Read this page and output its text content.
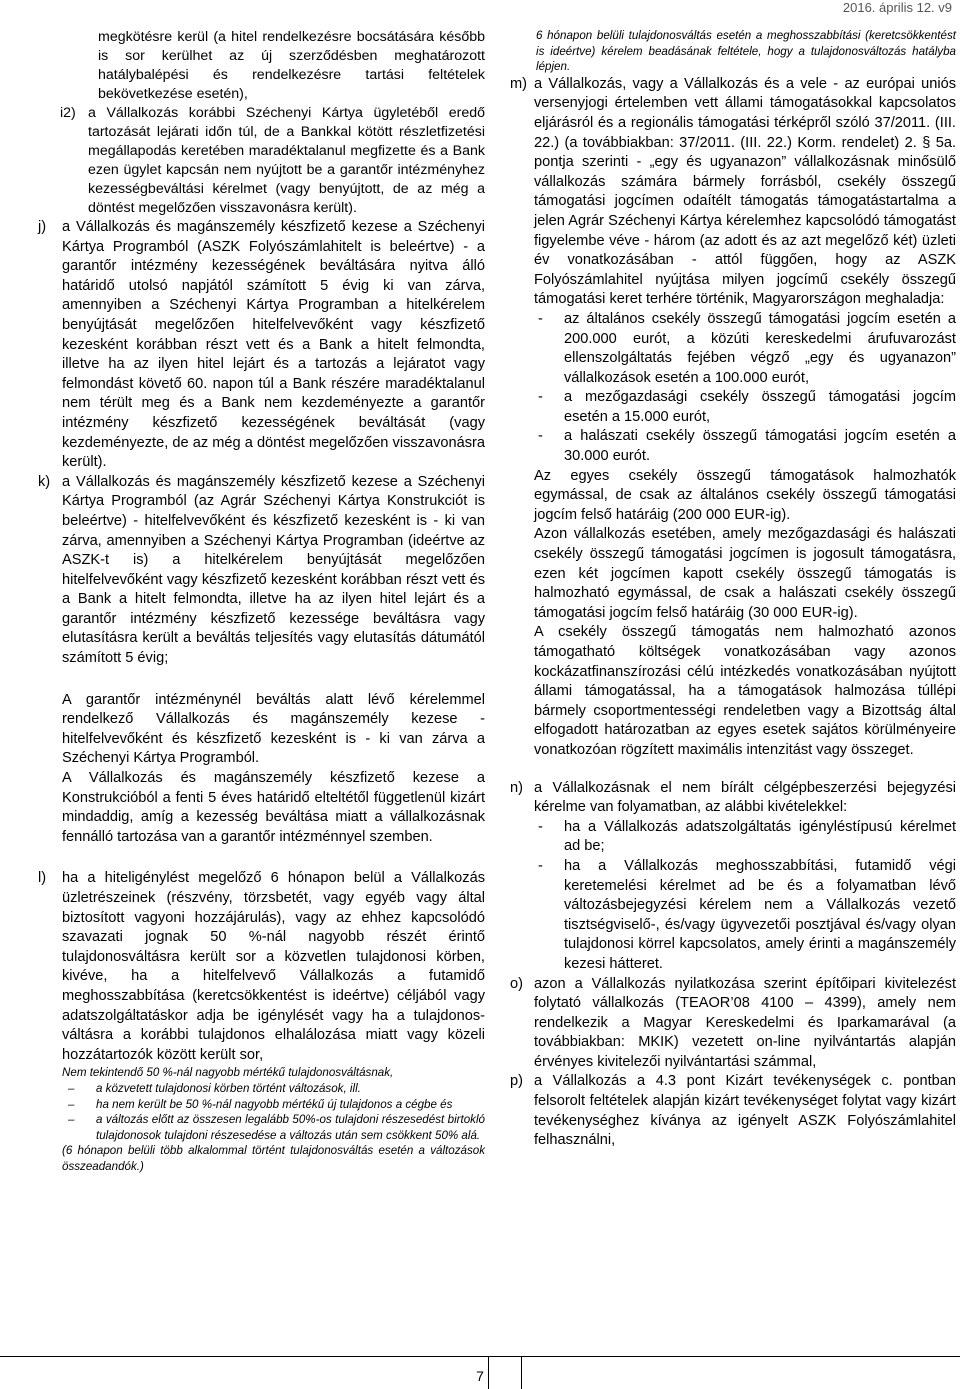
2016. április 12. v9
megkötésre kerül (a hitel rendelkezésre bocsátására később is sor kerülhet az új szerződésben meghatározott hatálybalépési és rendelkezésre tartási feltételek bekövetkezése esetén),
i2) a Vállalkozás korábbi Széchenyi Kártya ügyletéből eredő tartozását lejárati időn túl, de a Bankkal kötött részletfizetési megállapodás keretében maradéktalanul megfizette és a Bank ezen ügylet kapcsán nem nyújtott be a garantőr intézményhez kezességbeváltási kérelmet (vagy benyújtott, de az még a döntést megelőzően visszavonásra került).
j)	a Vállalkozás és magánszemély készfizető kezese a Széchenyi Kártya Programból (ASZK Folyószámlahitelt is beleértve) - a garantőr intézmény kezességének beváltására nyitva álló határidő utolsó napjától számított 5 évig ki van zárva, amennyiben a Széchenyi Kártya Programban a hitelkérelem benyújtását megelőzően hitelfelvevőként vagy készfizető kezesként korábban részt vett és a Bank a hitelt felmondta, illetve ha az ilyen hitel lejárt és a tartozás a lejáratot vagy felmondást követő 60. napon túl a Bank részére maradéktalanul nem térült meg és a Bank nem kezdeményezte a garantőr intézmény készfizető kezességének beváltását (vagy kezdeményezte, de az még a döntést megelőzően visszavonásra került).
k) a Vállalkozás és magánszemély készfizető kezese a Széchenyi Kártya Programból (az Agrár Széchenyi Kártya Konstrukciót is beleértve) - hitelfelvevőként és készfizető kezesként is - ki van zárva, amennyiben a Széchenyi Kártya Programban (ideértve az ASZK-t is) a hitelkérelem benyújtását megelőzően hitelfelvevőként vagy készfizető kezesként korábban részt vett és a Bank a hitelt felmondta, illetve ha az ilyen hitel lejárt és a garantőr intézmény készfizető kezessége beváltásra vagy elutasításra került a beváltás teljesítés vagy elutasítás dátumától számított 5 évig;
A garantőr intézménynél beváltás alatt lévő kérelemmel rendelkező Vállalkozás és magánszemély kezese - hitelfelvevőként és készfizető kezesként is - ki van zárva a Széchenyi Kártya Programból.
A Vállalkozás és magánszemély készfizető kezese a Konstrukcióból a fenti 5 éves határidő elteltétől függetlenül kizárt mindaddig, amíg a kezesség beváltása miatt a vállalkozásnak fennálló tartozása van a garantőr intézménnyel szemben.
l)	ha a hiteligénylést megelőző 6 hónapon belül a Vállalkozás üzletrészeinek (részvény, törzsbetét, vagy egyéb vagy által biztosított vagyoni hozzájárulás), vagy az ehhez kapcsolódó szavazati jognak 50 %-nál nagyobb részét érintő tulajdonosváltásra került sor a közvetlen tulajdonosi körben, kivéve, ha a hitelfelvevő Vállalkozás a futamidő meghosszabbítása (keretcsökkentést is ideértve) céljából vagy adatszolgáltatáskor adja be igénylését vagy ha a tulajdonos-váltásra a korábbi tulajdonos elhalálozása miatt vagy közeli hozzátartozók között került sor,
Nem tekintendő 50 %-nál nagyobb mértékű tulajdonosváltásnak,
–	a közvetett tulajdonosi körben történt változások, ill.
–	ha nem került be 50 %-nál nagyobb mértékű új tulajdonos a cégbe és
–	a változás előtt az összesen legalább 50%-os tulajdoni részesedést birtokló tulajdonosok tulajdoni részesedése a változás után sem csökkent 50% alá.
(6 hónapon belüli több alkalommal történt tulajdonosváltás esetén a változások összeadandók.)
6 hónapon belüli tulajdonosváltás esetén a meghosszabbítási (keretcsökkentést is ideértve) kérelem beadásának feltétele, hogy a tulajdonosváltozás hatályba lépjen.
m) a Vállalkozás, vagy a Vállalkozás és a vele - az európai uniós versenyjogi értelemben vett állami támogatásokkal kapcsolatos eljárásról és a regionális támogatási térképről szóló 37/2011. (III. 22.) (a továbbiakban: 37/2011. (III. 22.) Korm. rendelet) 2. § 5a. pontja szerinti - „egy és ugyanazon” vállalkozásnak minősülő vállalkozás számára bármely forrásból, csekély összegű támogatási jogcímen odaítélt támogatás támogatástartalma a jelen Agrár Széchenyi Kártya kérelemhez kapcsolódó támogatást figyelembe véve - három (az adott és az azt megelőző két) üzleti év vonatkozásában - attól függően, hogy az ASZK Folyószámlahitel nyújtása milyen jogcímű csekély összegű támogatási keret terhére történik, Magyarországon meghaladja:
-	az általános csekély összegű támogatási jogcím esetén a 200.000 eurót, a közúti kereskedelmi árufuvarozást ellenszolgáltatás fejében végző „egy és ugyanazon” vállalkozások esetén a 100.000 eurót,
-	a mezőgazdasági csekély összegű támogatási jogcím esetén a 15.000 eurót,
-	a halászati csekély összegű támogatási jogcím esetén a 30.000 eurót.
Az egyes csekély összegű támogatások halmozhatók egymással, de csak az általános csekély összegű támogatási jogcím felső határáig (200 000 EUR-ig).
Azon vállalkozás esetében, amely mezőgazdasági és halászati csekély összegű támogatási jogcímen is jogosult támogatásra, ezen két jogcímen kapott csekély összegű támogatás is halmozható egymással, de csak a halászati csekély összegű támogatási jogcím felső határáig (30 000 EUR-ig).
A csekély összegű támogatás nem halmozható azonos támogatható költségek vonatkozásában vagy azonos kockázatfinanszírozási célú intézkedés vonatkozásában nyújtott állami támogatással, ha a támogatások halmozása túllépi bármely csoportmentességi rendeletben vagy a Bizottság által elfogadott határozatban az egyes esetek sajátos körülményeire vonatkozóan rögzített maximális intenzitást vagy összeget.
n) a Vállalkozásnak el nem bírált célgépbeszerzési bejegyzési kérelme van folyamatban, az alábbi kivételekkel:
-	ha a Vállalkozás adatszolgáltatás igényléstípusú kérelmet ad be;
-	ha a Vállalkozás meghosszabbítási, futamidő végi keretemelési kérelmet ad be és a folyamatban lévő változásbejegyzési kérelem nem a Vállalkozás vezető tisztségviselő-, és/vagy ügyvezetői posztjával és/vagy olyan tulajdonosi körrel kapcsolatos, amely érinti a magánszemély kezesi hátteret.
o) azon a Vállalkozás nyilatkozása szerint építőipari kivitelezést folytató vállalkozás (TEAOR’08 4100 – 4399), amely nem rendelkezik a Magyar Kereskedelmi és Iparkamarával (a továbbiakban: MKIK) vezetett on-line nyilvántartás alapján érvényes kivitelezői nyilvántartási számmal,
p) a Vállalkozás a 4.3 pont Kizárt tevékenységek c. pontban felsorolt feltételek alapján kizárt tevékenységet folytat vagy kizárt tevékenységhez kíványa az igényelt ASZK Folyószámlahitel felhasználni,
7
